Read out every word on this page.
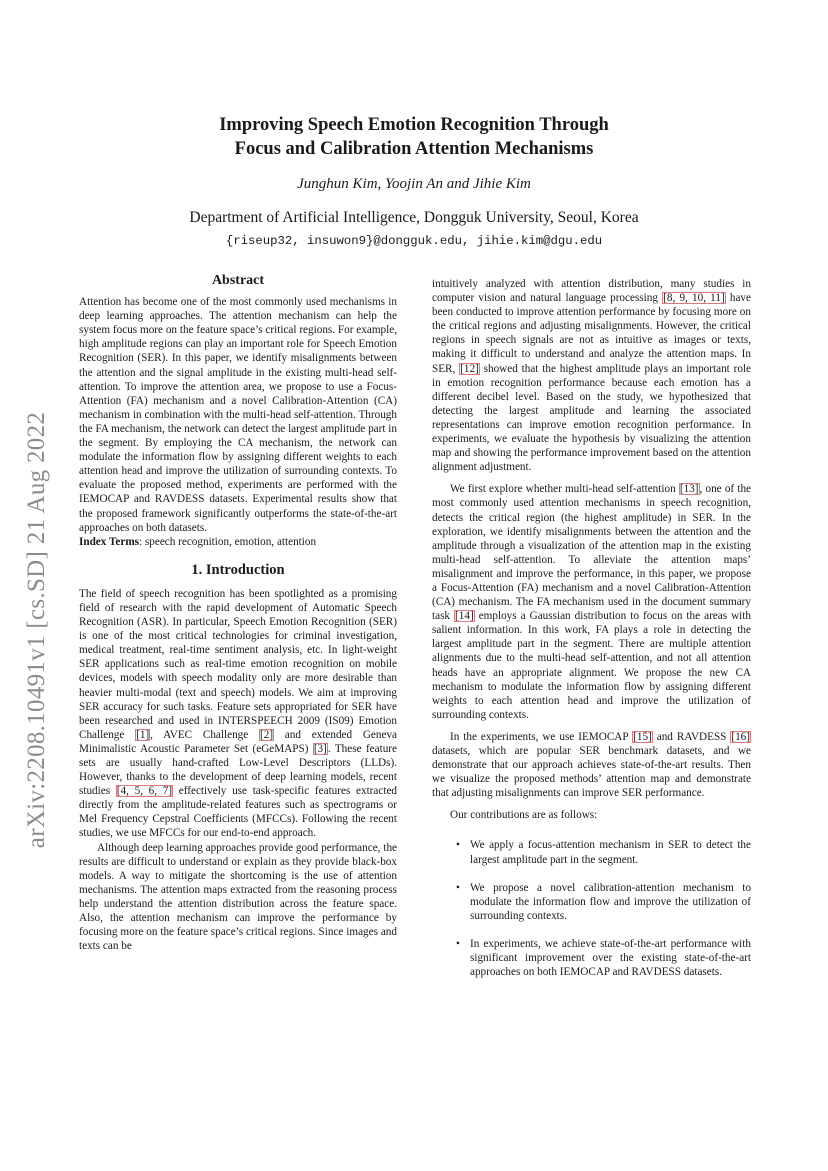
arXiv:2208.10491v1 [cs.SD] 21 Aug 2022
Improving Speech Emotion Recognition Through
Focus and Calibration Attention Mechanisms
Junghun Kim, Yoojin An and Jihie Kim
Department of Artificial Intelligence, Dongguk University, Seoul, Korea
{riseup32, insuwon9}@dongguk.edu, jihie.kim@dgu.edu
Abstract

Attention has become one of the most commonly used mechanisms in deep learning approaches. The attention mechanism can help the system focus more on the feature space’s critical regions. For example, high amplitude regions can play an important role for Speech Emotion Recognition (SER). In this paper, we identify misalignments between the attention and the signal amplitude in the existing multi-head self-attention. To improve the attention area, we propose to use a Focus-Attention (FA) mechanism and a novel Calibration-Attention (CA) mechanism in combination with the multi-head self-attention. Through the FA mechanism, the network can detect the largest amplitude part in the segment. By employing the CA mechanism, the network can modulate the information flow by assigning different weights to each attention head and improve the utilization of surrounding contexts. To evaluate the proposed method, experiments are performed with the IEMOCAP and RAVDESS datasets. Experimental results show that the proposed framework significantly outperforms the state-of-the-art approaches on both datasets.

Index Terms: speech recognition, emotion, attention

1. Introduction

The field of speech recognition has been spotlighted as a promising field of research with the rapid development of Automatic Speech Recognition (ASR). In particular, Speech Emotion Recognition (SER) is one of the most critical technologies for criminal investigation, medical treatment, real-time sentiment analysis, etc. In light-weight SER applications such as real-time emotion recognition on mobile devices, models with speech modality only are more desirable than heavier multi-modal (text and speech) models. We aim at improving SER accuracy for such tasks. Feature sets appropriated for SER have been researched and used in INTERSPEECH 2009 (IS09) Emotion Challenge [1], AVEC Challenge [2] and extended Geneva Minimalistic Acoustic Parameter Set (eGeMAPS) [3]. These feature sets are usually hand-crafted Low-Level Descriptors (LLDs). However, thanks to the development of deep learning models, recent studies [4, 5, 6, 7] effectively use task-specific features extracted directly from the amplitude-related features such as spectrograms or Mel Frequency Cepstral Coefficients (MFCCs). Following the recent studies, we use MFCCs for our end-to-end approach.

Although deep learning approaches provide good performance, the results are difficult to understand or explain as they provide black-box models. A way to mitigate the shortcoming is the use of attention mechanisms. The attention maps extracted from the reasoning process help understand the attention distribution across the feature space. Also, the attention mechanism can improve the performance by focusing more on the feature space’s critical regions. Since images and texts can be

intuitively analyzed with attention distribution, many studies in computer vision and natural language processing [8, 9, 10, 11] have been conducted to improve attention performance by focusing more on the critical regions and adjusting misalignments. However, the critical regions in speech signals are not as intuitive as images or texts, making it difficult to understand and analyze the attention maps. In SER, [12] showed that the highest amplitude plays an important role in emotion recognition performance because each emotion has a different decibel level. Based on the study, we hypothesized that detecting the largest amplitude and learning the associated representations can improve emotion recognition performance. In experiments, we evaluate the hypothesis by visualizing the attention map and showing the performance improvement based on the attention alignment adjustment.

We first explore whether multi-head self-attention [13], one of the most commonly used attention mechanisms in speech recognition, detects the critical region (the highest amplitude) in SER. In the exploration, we identify misalignments between the attention and the amplitude through a visualization of the attention map in the existing multi-head self-attention. To alleviate the attention maps’ misalignment and improve the performance, in this paper, we propose a Focus-Attention (FA) mechanism and a novel Calibration-Attention (CA) mechanism. The FA mechanism used in the document summary task [14] employs a Gaussian distribution to focus on the areas with salient information. In this work, FA plays a role in detecting the largest amplitude part in the segment. There are multiple attention alignments due to the multi-head self-attention, and not all attention heads have an appropriate alignment. We propose the new CA mechanism to modulate the information flow by assigning different weights to each attention head and improve the utilization of surrounding contexts.

In the experiments, we use IEMOCAP [15] and RAVDESS [16] datasets, which are popular SER benchmark datasets, and we demonstrate that our approach achieves state-of-the-art results. Then we visualize the proposed methods’ attention map and demonstrate that adjusting misalignments can improve SER performance.

Our contributions are as follows:

• We apply a focus-attention mechanism in SER to detect the largest amplitude part in the segment.
• We propose a novel calibration-attention mechanism to modulate the information flow and improve the utilization of surrounding contexts.
• In experiments, we achieve state-of-the-art performance with significant improvement over the existing state-of-the-art approaches on both IEMOCAP and RAVDESS datasets.
